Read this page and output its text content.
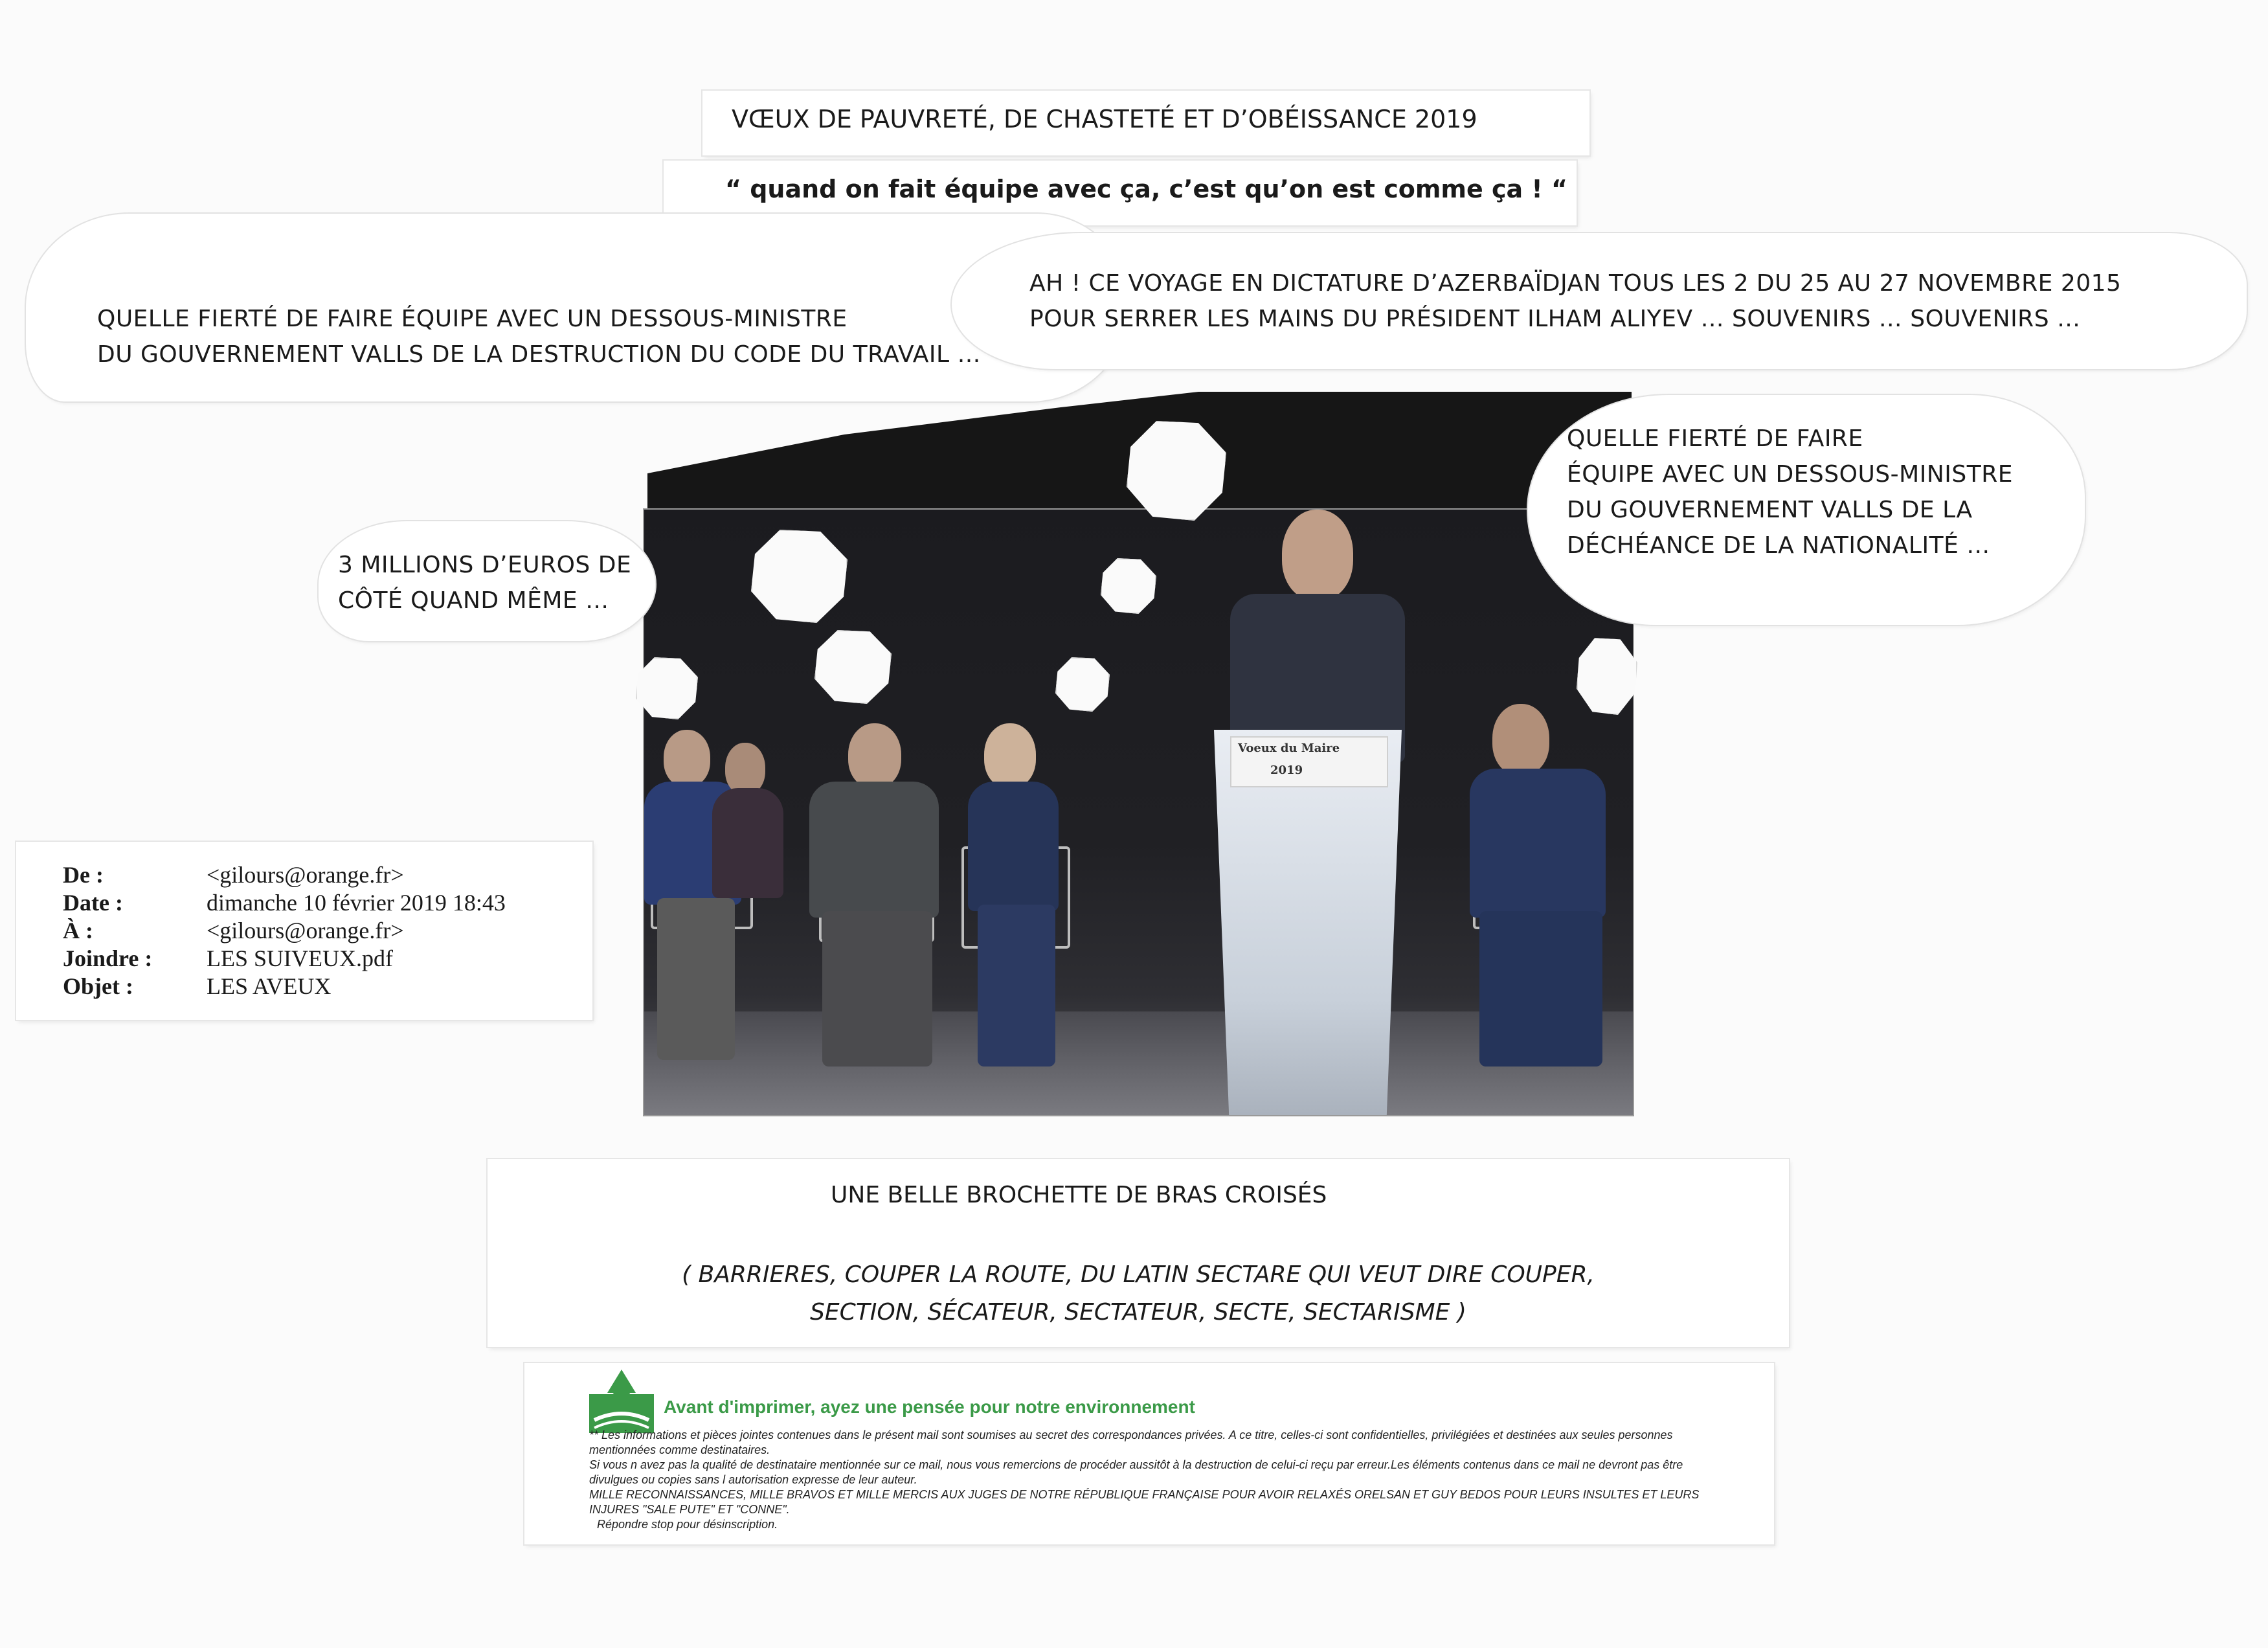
VŒUX DE PAUVRETÉ, DE CHASTETÉ ET D’OBÉISSANCE 2019
“ quand on fait équipe avec ça, c’est qu’on est comme ça ! “
QUELLE FIERTÉ DE FAIRE ÉQUIPE AVEC UN DESSOUS-MINISTRE
DU GOUVERNEMENT VALLS DE LA DESTRUCTION DU CODE DU TRAVAIL …
AH ! CE VOYAGE EN DICTATURE D’AZERBAÏDJAN TOUS LES 2 DU 25 AU 27 NOVEMBRE 2015
POUR SERRER LES MAINS DU PRÉSIDENT ILHAM ALIYEV … SOUVENIRS … SOUVENIRS …
Voeux du Maire
2019
3 MILLIONS D’EUROS DE
CÔTÉ QUAND MÊME …
QUELLE FIERTÉ DE FAIRE
ÉQUIPE AVEC UN DESSOUS-MINISTRE
DU GOUVERNEMENT VALLS DE LA
DÉCHÉANCE DE LA NATIONALITÉ …
De :	<gilours@orange.fr>
Date :	dimanche 10 février 2019 18:43
À :	<gilours@orange.fr>
Joindre : LES SUIVEUX.pdf
Objet :	LES AVEUX
UNE BELLE BROCHETTE DE BRAS CROISÉS
( BARRIERES, COUPER LA ROUTE, DU LATIN SECTARE QUI VEUT DIRE COUPER,
SECTION, SÉCATEUR, SECTATEUR, SECTE, SECTARISME )
Avant d'imprimer, ayez une pensée pour notre environnement
** Les informations et pièces jointes contenues dans le présent mail sont soumises au secret des correspondances privées. A ce titre, celles-ci sont confidentielles, privilégiées et destinées aux seules personnes mentionnées comme destinataires.
Si vous n avez pas la qualité de destinataire mentionnée sur ce mail, nous vous remercions de procéder aussitôt à la destruction de celui-ci reçu par erreur.Les éléments contenus dans ce mail ne devront pas être divulgues ou copies sans l autorisation expresse de leur auteur.
MILLE RECONNAISSANCES, MILLE BRAVOS ET MILLE MERCIS AUX JUGES DE NOTRE RÉPUBLIQUE FRANÇAISE POUR AVOIR RELAXÉS ORELSAN ET GUY BEDOS POUR LEURS INSULTES ET LEURS INJURES "SALE PUTE" ET "CONNE".
Répondre stop pour désinscription.
